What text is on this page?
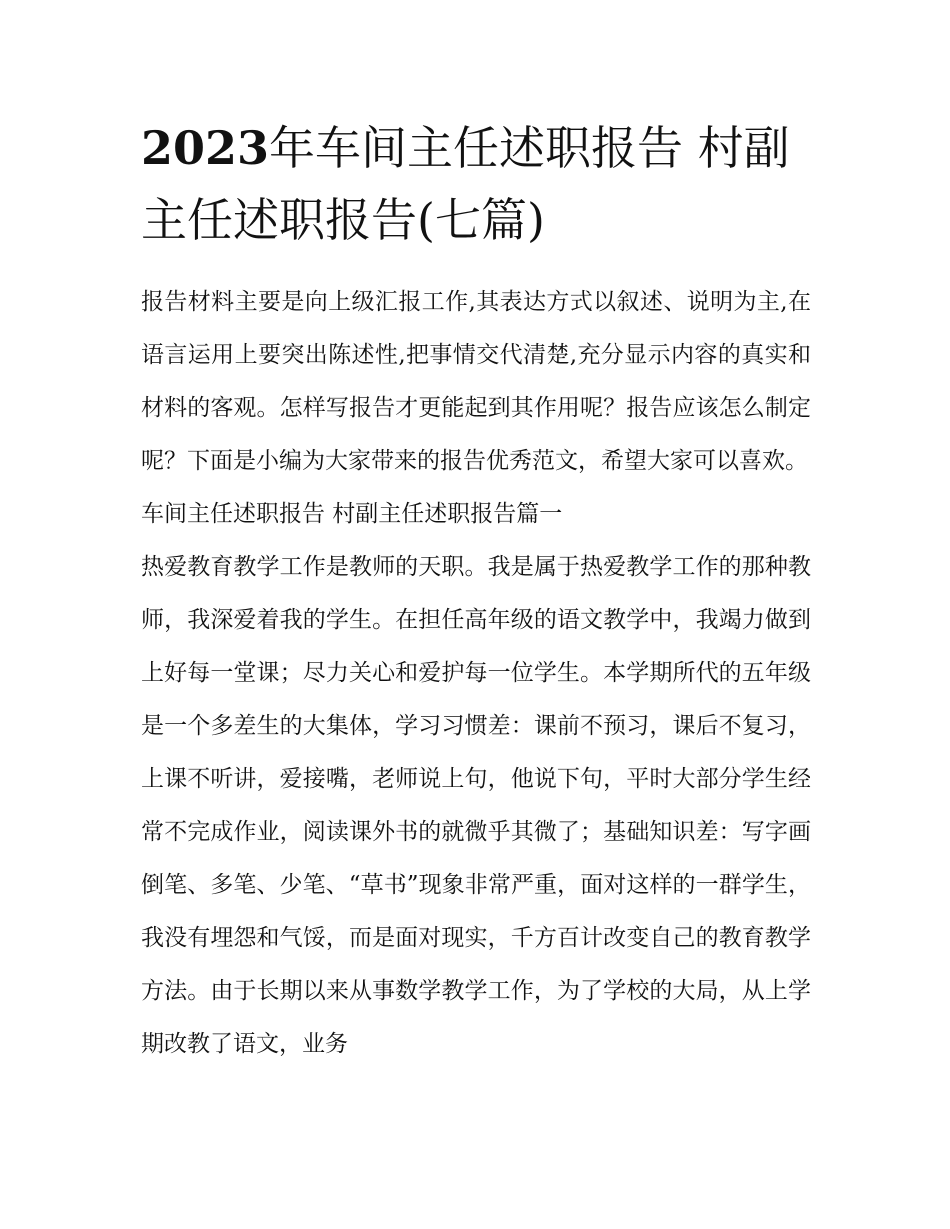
2023年车间主任述职报告 村副主任述职报告(七篇)

报告材料主要是向上级汇报工作,其表达方式以叙述、说明为主,在语言运用上要突出陈述性,把事情交代清楚,充分显示内容的真实和材料的客观。怎样写报告才更能起到其作用呢？报告应该怎么制定呢？下面是小编为大家带来的报告优秀范文，希望大家可以喜欢。

车间主任述职报告 村副主任述职报告篇一

热爱教育教学工作是教师的天职。我是属于热爱教学工作的那种教师，我深爱着我的学生。在担任高年级的语文教学中，我竭力做到上好每一堂课；尽力关心和爱护每一位学生。本学期所代的五年级是一个多差生的大集体，学习习惯差：课前不预习，课后不复习，上课不听讲，爱接嘴，老师说上句，他说下句，平时大部分学生经常不完成作业，阅读课外书的就微乎其微了；基础知识差：写字画倒笔、多笔、少笔、“草书”现象非常严重，面对这样的一群学生，我没有埋怨和气馁，而是面对现实，千方百计改变自己的教育教学方法。由于长期以来从事数学教学工作，为了学校的大局，从上学期改教了语文，业务
